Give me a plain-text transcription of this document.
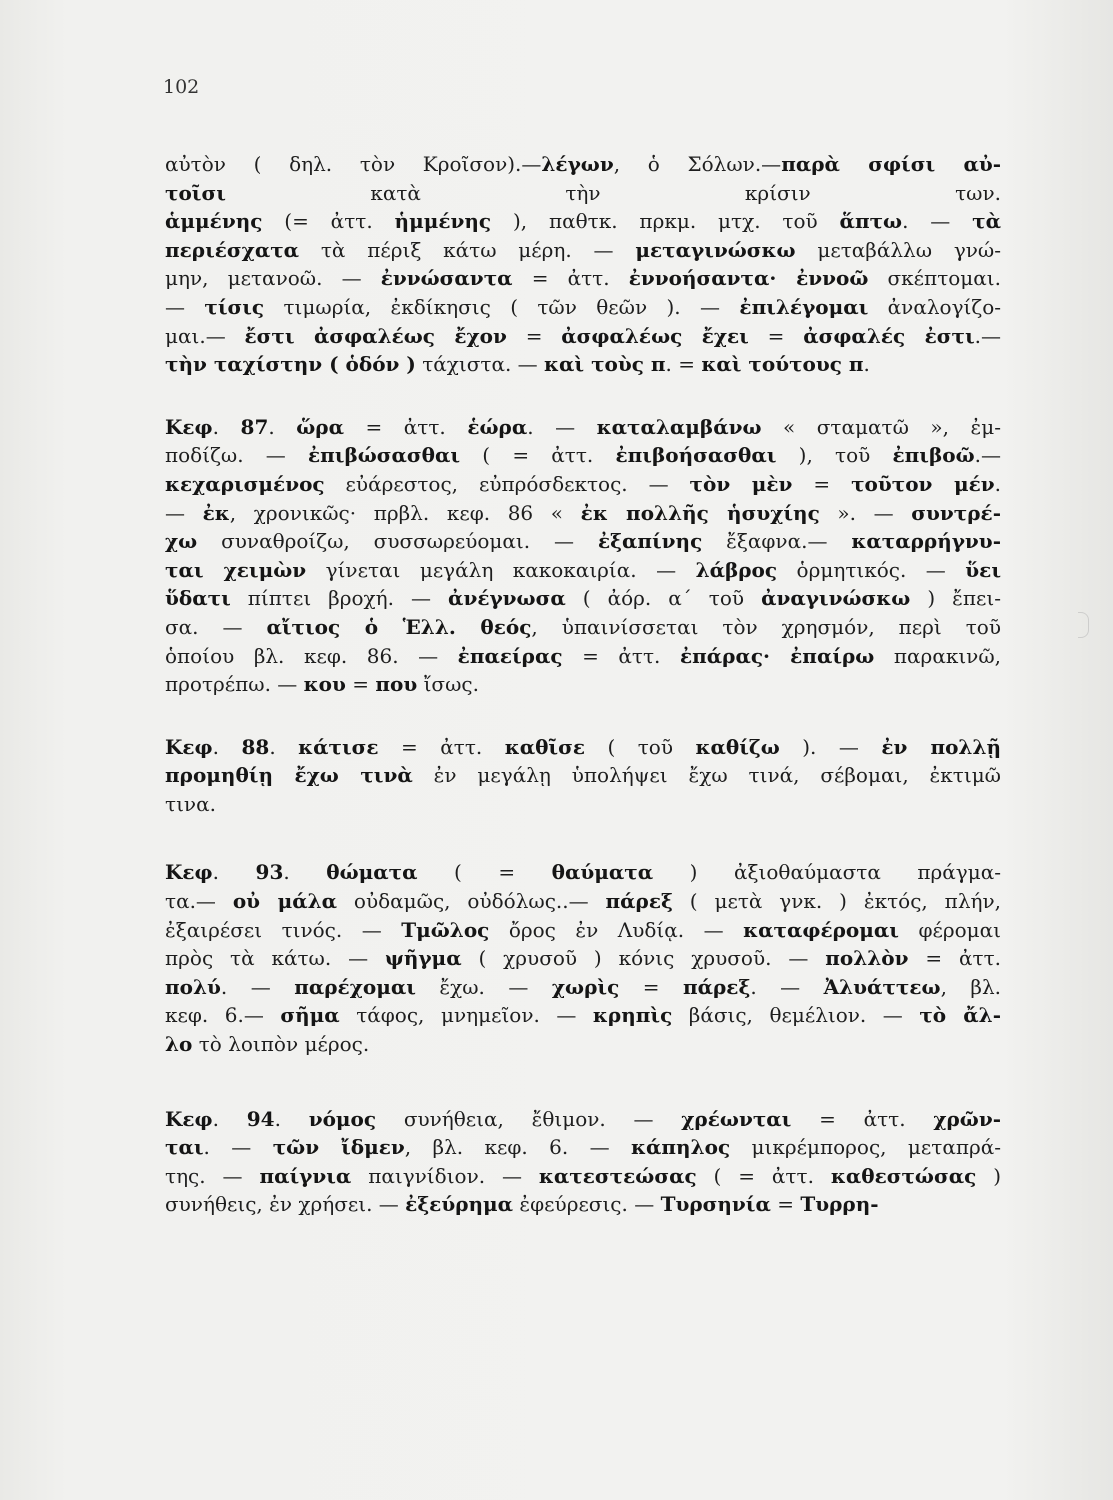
102
αὐτὸν ( δηλ. τὸν Κροῖσον).—λέγων, ὁ Σόλων.—παρὰ σφίσι αὐ-
τοῖσι κατὰ τὴν κρίσιν των.
ἁμμένης (= ἀττ. ἡμμένης ), παθτκ. πρκμ. μτχ. τοῦ ἅπτω. — τὰ
περιέσχατα τὰ πέριξ κάτω μέρη. — μεταγινώσκω μεταβάλλω γνώ-
μην, μετανοῶ. — ἐννώσαντα = ἀττ. ἐννοήσαντα· ἐννοῶ σκέπτομαι.
— τίσις τιμωρία, ἐκδίκησις ( τῶν θεῶν ). — ἐπιλέγομαι ἀναλογίζο-
μαι.— ἔστι ἀσφαλέως ἔχον = ἀσφαλέως ἔχει = ἀσφαλές ἐστι.—
τὴν ταχίστην ( ὁδόν ) τάχιστα. — καὶ τοὺς π. = καὶ τούτους π.
Κεφ. 87. ὥρα = ἀττ. ἑώρα. — καταλαμβάνω « σταματῶ », ἐμ-
ποδίζω. — ἐπιβώσασθαι ( = ἀττ. ἐπιβοήσασθαι ), τοῦ ἐπιβοῶ.—
κεχαρισμένος εὐάρεστος, εὐπρόσδεκτος. — τὸν μὲν = τοῦτον μέν.
— ἐκ, χρονικῶς· πρβλ. κεφ. 86 « ἐκ πολλῆς ἡσυχίης ». — συντρέ-
χω συναθροίζω, συσσωρεύομαι. — ἐξαπίνης ἔξαφνα.— καταρρήγνυ-
ται χειμὼν γίνεται μεγάλη κακοκαιρία. — λάβρος ὁρμητικός. — ὕει
ὕδατι πίπτει βροχή. — ἀνέγνωσα ( ἀόρ. α΄ τοῦ ἀναγινώσκω ) ἔπει-
σα. — αἴτιος ὁ Ἑλλ. θεός, ὑπαινίσσεται τὸν χρησμόν, περὶ τοῦ
ὁποίου βλ. κεφ. 86. — ἐπαείρας = ἀττ. ἐπάρας· ἐπαίρω παρακινῶ,
προτρέπω. — κου = που ἴσως.
Κεφ. 88. κάτισε = ἀττ. καθῖσε ( τοῦ καθίζω ). — ἐν πολλῇ
προμηθίῃ ἔχω τινὰ ἐν μεγάλῃ ὑπολήψει ἔχω τινά, σέβομαι, ἐκτιμῶ
τινα.
Κεφ. 93. θώματα ( = θαύματα ) ἀξιοθαύμαστα πράγμα-
τα.— οὐ μάλα οὐδαμῶς, οὐδόλως..— πάρεξ ( μετὰ γνκ. ) ἐκτός, πλήν,
ἐξαιρέσει τινός. — Τμῶλος ὄρος ἐν Λυδίᾳ. — καταφέρομαι φέρομαι
πρὸς τὰ κάτω. — ψῆγμα ( χρυσοῦ ) κόνις χρυσοῦ. — πολλὸν = ἀττ.
πολύ. — παρέχομαι ἔχω. — χωρὶς = πάρεξ. — Ἀλυάττεω, βλ.
κεφ. 6.— σῆμα τάφος, μνημεῖον. — κρηπὶς βάσις, θεμέλιον. — τὸ ἄλ-
λο τὸ λοιπὸν μέρος.
Κεφ. 94. νόμος συνήθεια, ἔθιμον. — χρέωνται = ἀττ. χρῶν-
ται. — τῶν ἴδμεν, βλ. κεφ. 6. — κάπηλος μικρέμπορος, μεταπρά-
της. — παίγνια παιγνίδιον. — κατεστεώσας ( = ἀττ. καθεστώσας )
συνήθεις, ἐν χρήσει. — ἐξεύρημα ἐφεύρεσις. — Τυρσηνία = Τυρρη-
